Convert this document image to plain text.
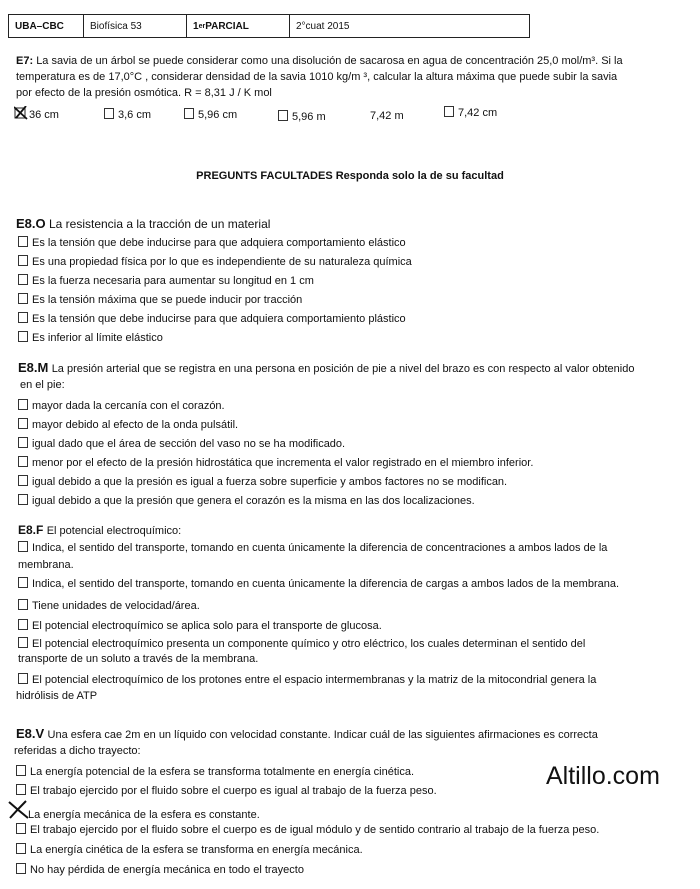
UBA–CBC	Biofísica 53	1 er PARCIAL	2°cuat 2015
E7: La savia de un árbol se puede considerar como una disolución de sacarosa en agua de concentración 25,0 mol/m³. Si la
temperatura es de 17,0°C , considerar densidad de la savia 1010 kg/m ³, calcular la altura máxima que puede subir la savia
por efecto de la presión osmótica. R = 8,31 J / K mol
36 cm	3,6 cm	5,96 cm	5,96 m	7,42 m	7,42 cm
PREGUNTS FACULTADES Responda solo la de su facultad
E8.O La resistencia a la tracción de un material
Es la tensión que debe inducirse para que adquiera comportamiento elástico
Es una propiedad física por lo que es independiente de su naturaleza química
Es la fuerza necesaria para aumentar su longitud en 1 cm
Es la tensión máxima que se puede inducir por tracción
Es la tensión que debe inducirse para que adquiera comportamiento plástico
Es inferior al límite elástico
E8.M La presión arterial que se registra en una persona en posición de pie a nivel del brazo es con respecto al valor obtenido
en el pie:
mayor dada la cercanía con el corazón.
mayor debido al efecto de la onda pulsátil.
igual dado que el área de sección del vaso no se ha modificado.
menor por el efecto de la presión hidrostática que incrementa el valor registrado en el miembro inferior.
igual debido a que la presión es igual a fuerza sobre superficie y ambos factores no se modifican.
igual debido a que la presión que genera el corazón es la misma en las dos localizaciones.
E8.F El potencial electroquímico:
Indica, el sentido del transporte, tomando en cuenta únicamente la diferencia de concentraciones a ambos lados de la
membrana.
Indica, el sentido del transporte, tomando en cuenta únicamente la diferencia de cargas a ambos lados de la membrana.
Tiene unidades de velocidad/área.
El potencial electroquímico se aplica solo para el transporte de glucosa.
El potencial electroquímico presenta un componente químico y otro eléctrico, los cuales determinan el sentido del
transporte de un soluto a través de la membrana.
El potencial electroquímico de los protones entre el espacio intermembranas y la matriz de la mitocondrial genera la
hidrólisis de ATP
E8.V Una esfera cae 2m en un líquido con velocidad constante. Indicar cuál de las siguientes afirmaciones es correcta
referidas a dicho trayecto:
La energía potencial de la esfera se transforma totalmente en energía cinética.
El trabajo ejercido por el fluido sobre el cuerpo es igual al trabajo de la fuerza peso.
La energía mecánica de la esfera es constante.
El trabajo ejercido por el fluido sobre el cuerpo es de igual módulo y de sentido contrario al trabajo de la fuerza peso.
La energía cinética de la esfera se transforma en energía mecánica.
No hay pérdida de energía mecánica en todo el trayecto
Altillo.com
